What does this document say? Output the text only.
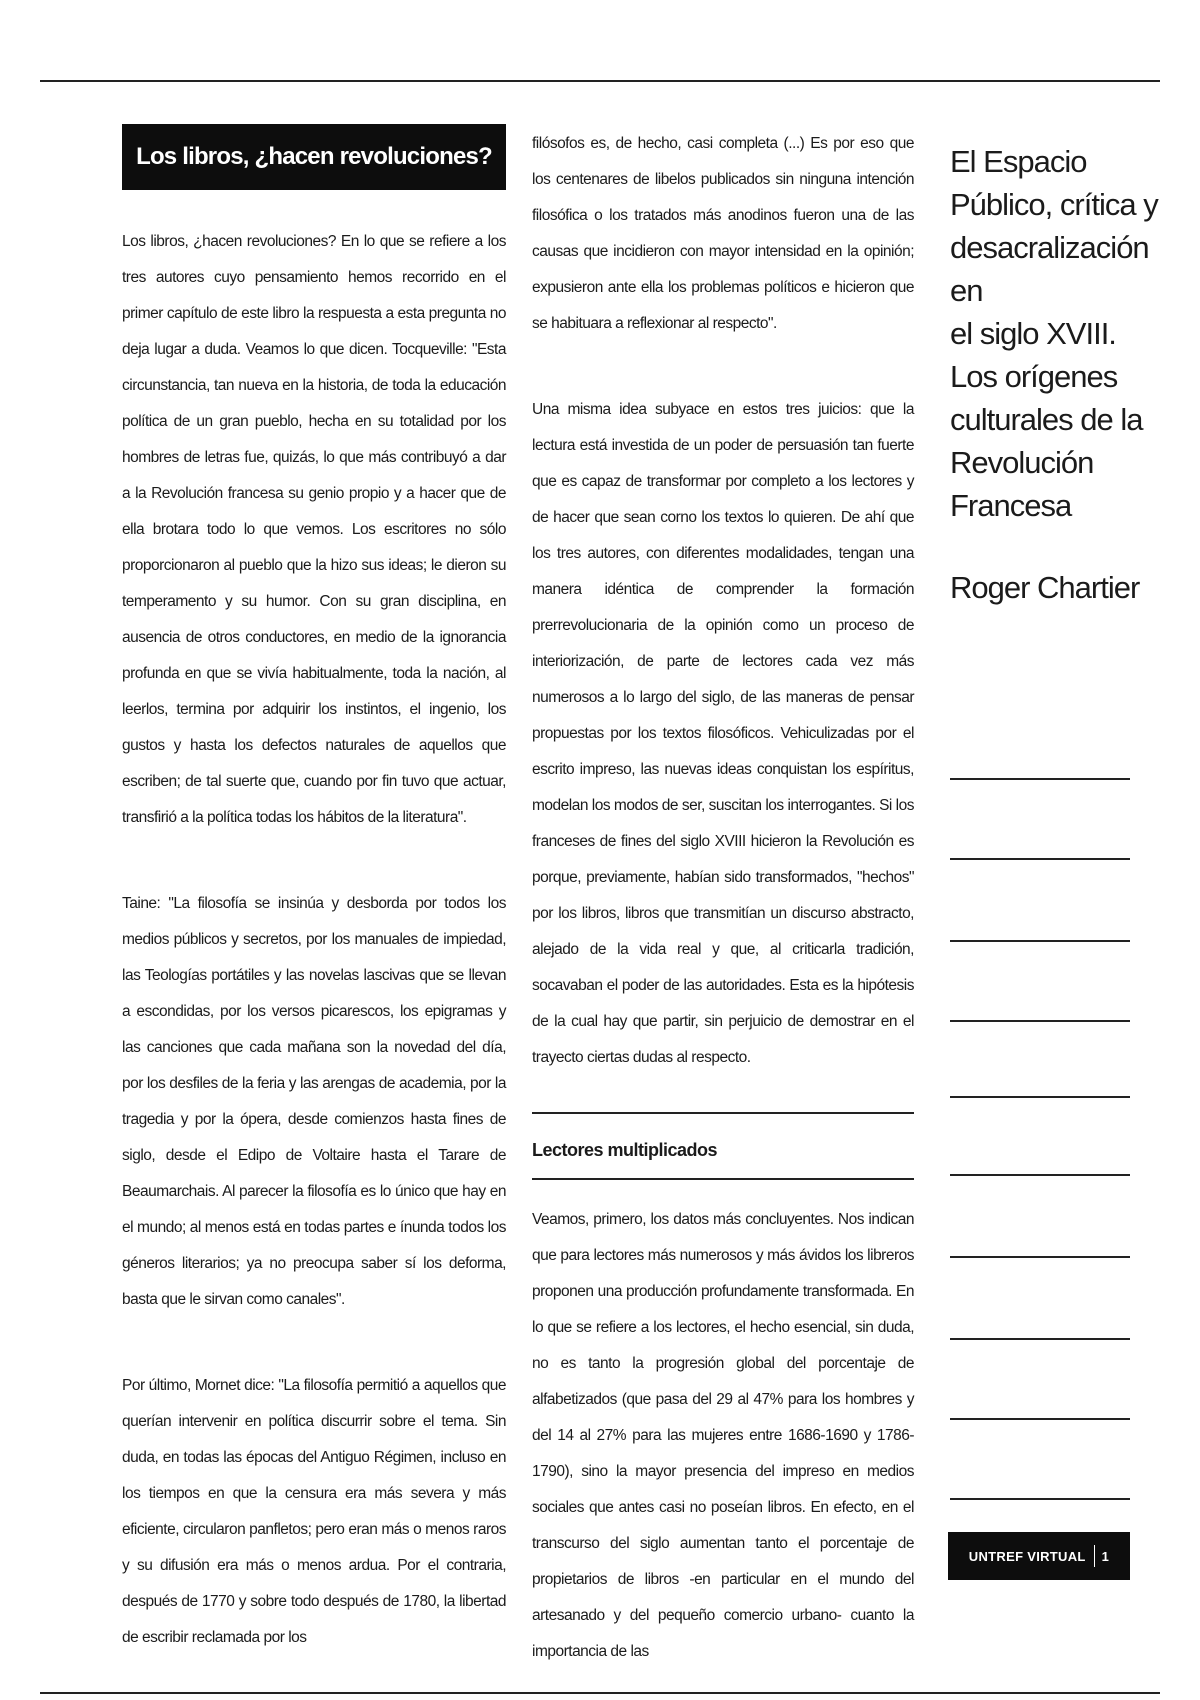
Los libros, ¿hacen revoluciones?

Los libros, ¿hacen revoluciones? En lo que se refiere a los tres autores cuyo pensamiento hemos recorrido en el primer capítulo de este libro la respuesta a esta pregunta no deja lugar a duda. Veamos lo que dicen. Tocqueville: "Esta circunstancia, tan nueva en la historia, de toda la educación política de un gran pueblo, hecha en su totalidad por los hombres de letras fue, quizás, lo que más contribuyó a dar a la Revolución francesa su genio propio y a hacer que de ella brotara todo lo que vemos. Los escritores no sólo proporcionaron al pueblo que la hizo sus ideas; le dieron su temperamento y su humor. Con su gran disciplina, en ausencia de otros conductores, en medio de la ignorancia profunda en que se vivía habitualmente, toda la nación, al leerlos, termina por adquirir los instintos, el ingenio, los gustos y hasta los defectos naturales de aquellos que escriben; de tal suerte que, cuando por fin tuvo que actuar, transfirió a la política todas los hábitos de la literatura".

Taine: "La filosofía se insinúa y desborda por todos los medios públicos y secretos, por los manuales de impiedad, las Teologías portátiles y las novelas lascivas que se llevan a escondidas, por los versos picarescos, los epigramas y las canciones que cada mañana son la novedad del día, por los desfiles de la feria y las arengas de academia, por la tragedia y por la ópera, desde comienzos hasta fines de siglo, desde el Edipo de Voltaire hasta el Tarare de Beaumarchais. Al parecer la filosofía es lo único que hay en el mundo; al menos está en todas partes e ínunda todos los géneros literarios; ya no preocupa saber sí los deforma, basta que le sirvan como canales".

Por último, Mornet dice: "La filosofía permitió a aquellos que querían intervenir en política discurrir sobre el tema. Sin duda, en todas las épocas del Antiguo Régimen, incluso en los tiempos en que la censura era más severa y más eficiente, circularon panfletos; pero eran más o menos raros y su difusión era más o menos ardua. Por el contraria, después de 1770 y sobre todo después de 1780, la libertad de escribir reclamada por los

filósofos es, de hecho, casi completa (...) Es por eso que los centenares de libelos publicados sin ninguna intención filosófica o los tratados más anodinos fueron una de las causas que incidieron con mayor intensidad en la opinión; expusieron ante ella los problemas políticos e hicieron que se habituara a reflexionar al respecto".

Una misma idea subyace en estos tres juicios: que la lectura está investida de un poder de persuasión tan fuerte que es capaz de transformar por completo a los lectores y de hacer que sean corno los textos lo quieren. De ahí que los tres autores, con diferentes modalidades, tengan una manera idéntica de comprender la formación prerrevolucionaria de la opinión como un proceso de interiorización, de parte de lectores cada vez más numerosos a lo largo del siglo, de las maneras de pensar propuestas por los textos filosóficos. Vehiculizadas por el escrito impreso, las nuevas ideas conquistan los espíritus, modelan los modos de ser, suscitan los interrogantes. Si los franceses de fines del siglo XVIII hicieron la Revolución es porque, previamente, habían sido transformados, "hechos" por los libros, libros que transmitían un discurso abstracto, alejado de la vida real y que, al criticarla tradición, socavaban el poder de las autoridades. Esta es la hipótesis de la cual hay que partir, sin perjuicio de demostrar en el trayecto ciertas dudas al respecto.

Lectores multiplicados

Veamos, primero, los datos más concluyentes. Nos indican que para lectores más numerosos y más ávidos los libreros proponen una producción profundamente transformada. En lo que se refiere a los lectores, el hecho esencial, sin duda, no es tanto la progresión global del porcentaje de alfabetizados (que pasa del 29 al 47% para los hombres y del 14 al 27% para las mujeres entre 1686-1690 y 1786-1790), sino la mayor presencia del impreso en medios sociales que antes casi no poseían libros. En efecto, en el transcurso del siglo aumentan tanto el porcentaje de propietarios de libros -en particular en el mundo del artesanado y del pequeño comercio urbano- cuanto la importancia de las

El Espacio
Público, crítica y
desacralización en
el siglo XVIII.
Los orígenes
culturales de la
Revolución
Francesa
Roger Chartier
UNTREF VIRTUAL 1
